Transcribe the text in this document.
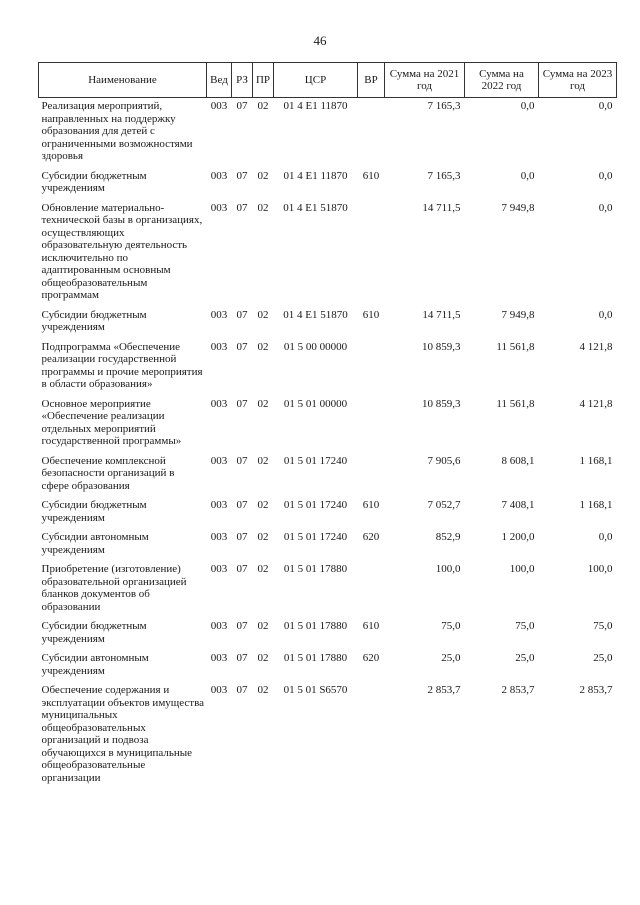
46
Наименование	Вед	РЗ	ПР	ЦСР	ВР	Сумма на 2021 год	Сумма на 2022 год	Сумма на 2023 год
Реализация мероприятий, направленных на поддержку образования для детей с ограниченными возможностями здоровья	003	07	02	01 4 E1 11870		7 165,3	0,0	0,0
Субсидии бюджетным учреждениям	003	07	02	01 4 E1 11870	610	7 165,3	0,0	0,0
Обновление материально-технической базы в организациях, осуществляющих образовательную деятельность исключительно по адаптированным основным общеобразовательным программам	003	07	02	01 4 E1 51870		14 711,5	7 949,8	0,0
Субсидии бюджетным учреждениям	003	07	02	01 4 E1 51870	610	14 711,5	7 949,8	0,0
Подпрограмма «Обеспечение реализации государственной программы и прочие мероприятия в области образования»	003	07	02	01 5 00 00000		10 859,3	11 561,8	4 121,8
Основное мероприятие «Обеспечение реализации отдельных мероприятий государственной программы»	003	07	02	01 5 01 00000		10 859,3	11 561,8	4 121,8
Обеспечение комплексной безопасности организаций в сфере образования	003	07	02	01 5 01 17240		7 905,6	8 608,1	1 168,1
Субсидии бюджетным учреждениям	003	07	02	01 5 01 17240	610	7 052,7	7 408,1	1 168,1
Субсидии автономным учреждениям	003	07	02	01 5 01 17240	620	852,9	1 200,0	0,0
Приобретение (изготовление) образовательной организацией бланков документов об образовании	003	07	02	01 5 01 17880		100,0	100,0	100,0
Субсидии бюджетным учреждениям	003	07	02	01 5 01 17880	610	75,0	75,0	75,0
Субсидии автономным учреждениям	003	07	02	01 5 01 17880	620	25,0	25,0	25,0
Обеспечение содержания и эксплуатации объектов имущества муниципальных общеобразовательных организаций и подвоза обучающихся в муниципальные общеобразовательные организации	003	07	02	01 5 01 S6570		2 853,7	2 853,7	2 853,7
